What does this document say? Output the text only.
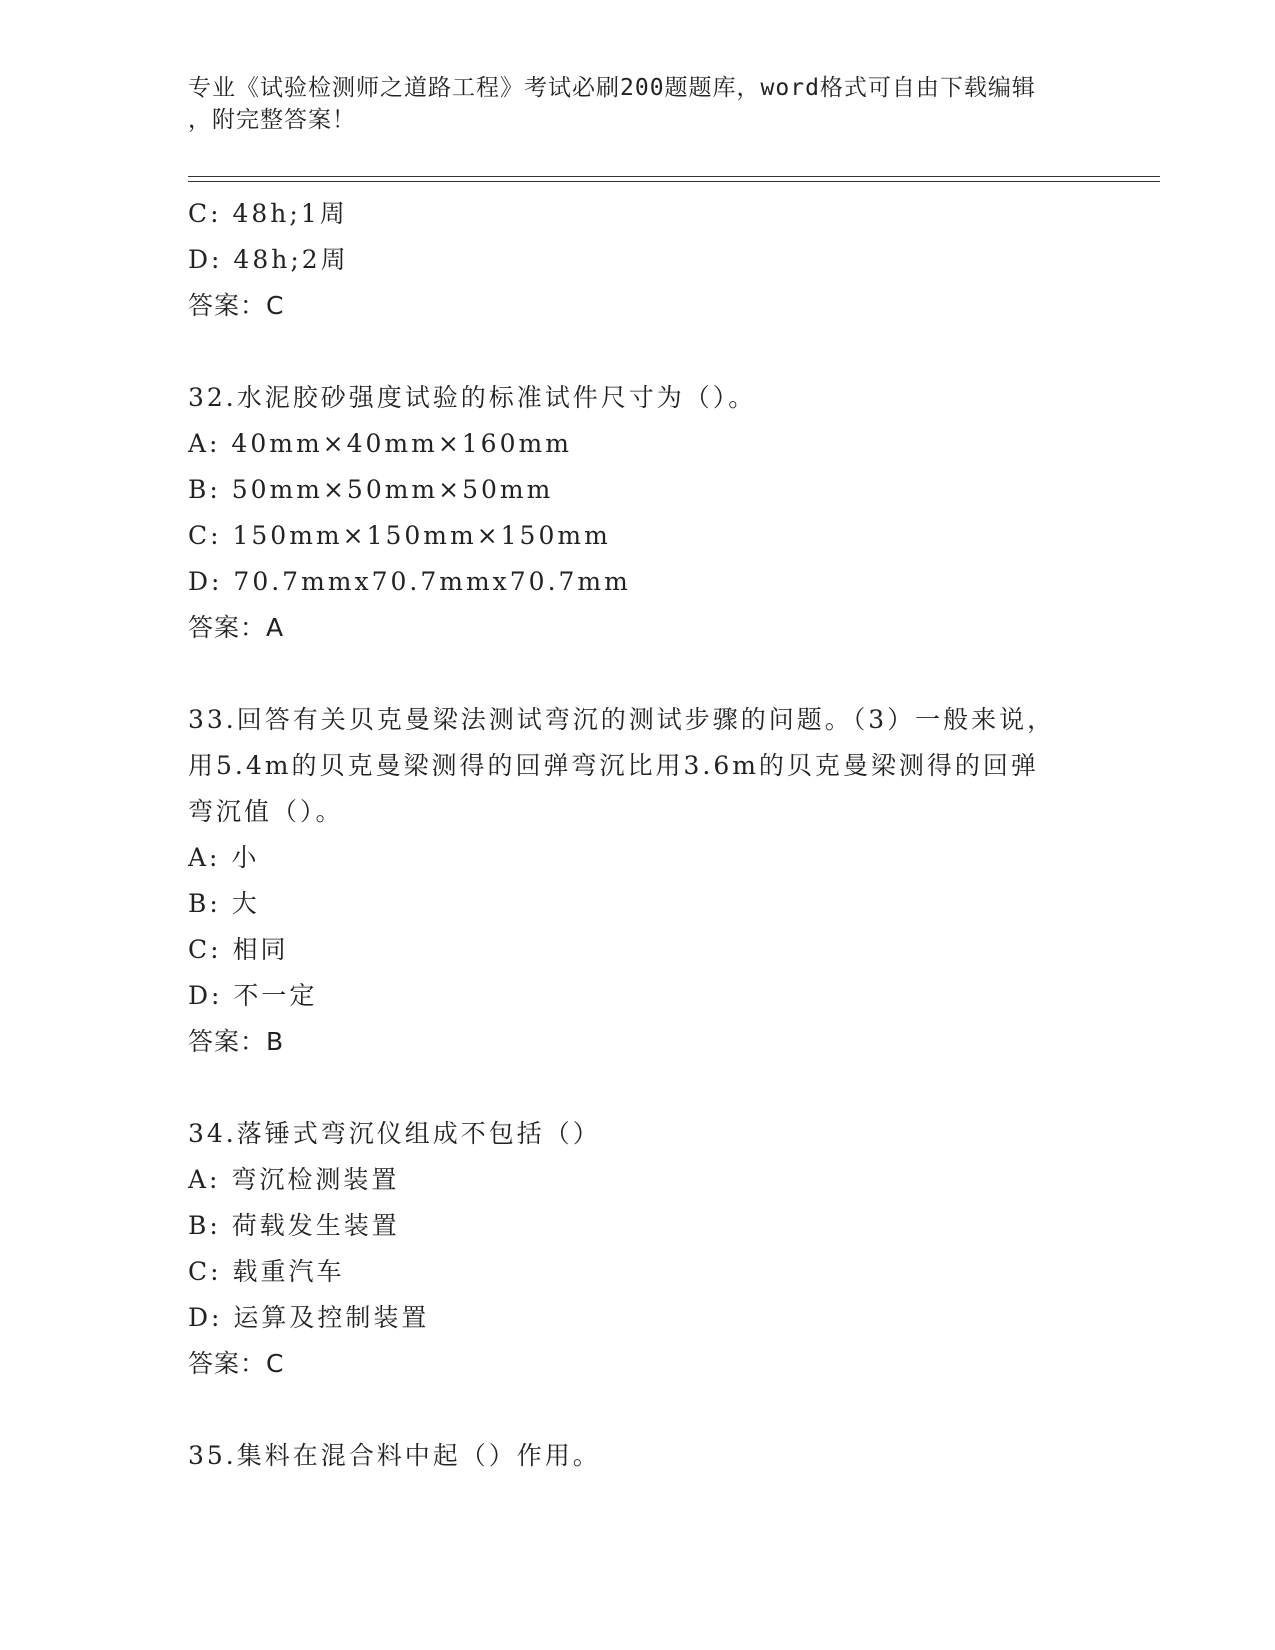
专业《试验检测师之道路工程》考试必刷200题题库，word格式可自由下载编辑
，附完整答案！
C: 48h;1周
D: 48h;2周
答案：C
32.水泥胶砂强度试验的标准试件尺寸为（）。
A: 40mm×40mm×160mm
B: 50mm×50mm×50mm
C: 150mm×150mm×150mm
D: 70.7mmx70.7mmx70.7mm
答案：A
33.回答有关贝克曼梁法测试弯沉的测试步骤的问题。（3）一般来说，
用5.4m的贝克曼梁测得的回弹弯沉比用3.6m的贝克曼梁测得的回弹
弯沉值（）。
A: 小
B: 大
C: 相同
D: 不一定
答案：B
34.落锤式弯沉仪组成不包括（）
A: 弯沉检测装置
B: 荷载发生装置
C: 载重汽车
D: 运算及控制装置
答案：C
35.集料在混合料中起（）作用。
